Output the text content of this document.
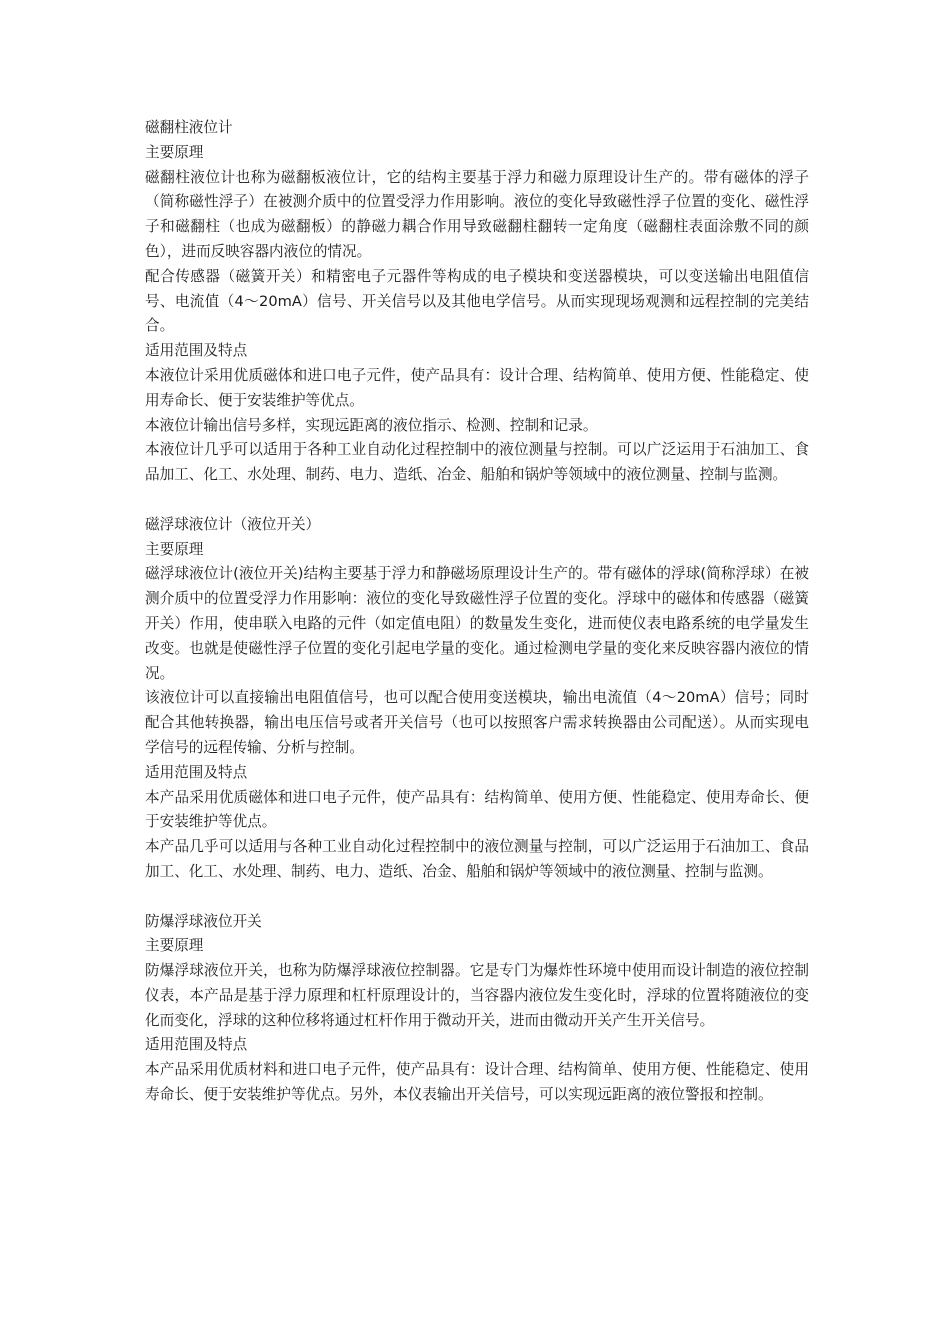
磁翻柱液位计

主要原理

磁翻柱液位计也称为磁翻板液位计，它的结构主要基于浮力和磁力原理设计生产的。带有磁体的浮子（简称磁性浮子）在被测介质中的位置受浮力作用影响。液位的变化导致磁性浮子位置的变化、磁性浮子和磁翻柱（也成为磁翻板）的静磁力耦合作用导致磁翻柱翻转一定角度（磁翻柱表面涂敷不同的颜色），进而反映容器内液位的情况。

配合传感器（磁簧开关）和精密电子元器件等构成的电子模块和变送器模块，可以变送输出电阻值信号、电流值（4～20mA）信号、开关信号以及其他电学信号。从而实现现场观测和远程控制的完美结合。

适用范围及特点

本液位计采用优质磁体和进口电子元件，使产品具有：设计合理、结构简单、使用方便、性能稳定、使用寿命长、便于安装维护等优点。

本液位计输出信号多样，实现远距离的液位指示、检测、控制和记录。

本液位计几乎可以适用于各种工业自动化过程控制中的液位测量与控制。可以广泛运用于石油加工、食品加工、化工、水处理、制药、电力、造纸、冶金、船舶和锅炉等领域中的液位测量、控制与监测。

磁浮球液位计（液位开关）

主要原理

磁浮球液位计(液位开关)结构主要基于浮力和静磁场原理设计生产的。带有磁体的浮球(简称浮球）在被测介质中的位置受浮力作用影响：液位的变化导致磁性浮子位置的变化。浮球中的磁体和传感器（磁簧开关）作用，使串联入电路的元件（如定值电阻）的数量发生变化，进而使仪表电路系统的电学量发生改变。也就是使磁性浮子位置的变化引起电学量的变化。通过检测电学量的变化来反映容器内液位的情况。

该液位计可以直接输出电阻值信号，也可以配合使用变送模块，输出电流值（4～20mA）信号；同时配合其他转换器，输出电压信号或者开关信号（也可以按照客户需求转换器由公司配送）。从而实现电学信号的远程传输、分析与控制。

适用范围及特点

本产品采用优质磁体和进口电子元件，使产品具有：结构简单、使用方便、性能稳定、使用寿命长、便于安装维护等优点。

本产品几乎可以适用与各种工业自动化过程控制中的液位测量与控制，可以广泛运用于石油加工、食品加工、化工、水处理、制药、电力、造纸、冶金、船舶和锅炉等领域中的液位测量、控制与监测。

防爆浮球液位开关

主要原理

防爆浮球液位开关，也称为防爆浮球液位控制器。它是专门为爆炸性环境中使用而设计制造的液位控制仪表，本产品是基于浮力原理和杠杆原理设计的，当容器内液位发生变化时，浮球的位置将随液位的变化而变化，浮球的这种位移将通过杠杆作用于微动开关，进而由微动开关产生开关信号。

适用范围及特点

本产品采用优质材料和进口电子元件，使产品具有：设计合理、结构简单、使用方便、性能稳定、使用寿命长、便于安装维护等优点。另外，本仪表输出开关信号，可以实现远距离的液位警报和控制。
